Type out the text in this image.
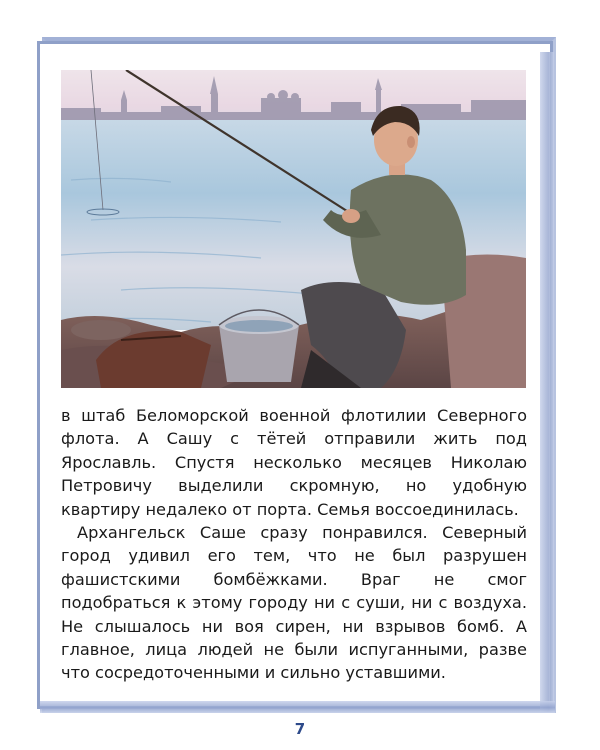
в штаб Беломорской военной флотилии Северного флота. А Сашу с тётей отправили жить под Ярославль. Спустя несколько месяцев Николаю Петровичу выделили скромную, но удобную квартиру недалеко от порта. Семья воссоединилась.

Архангельск Саше сразу понравился. Северный город удивил его тем, что не был разрушен фашистскими бомбёжками. Враг не смог подобраться к этому городу ни с суши, ни с воздуха. Не слышалось ни воя сирен, ни взрывов бомб. А главное, лица людей не были испуганными, разве что сосредоточенными и сильно уставшими.

7
